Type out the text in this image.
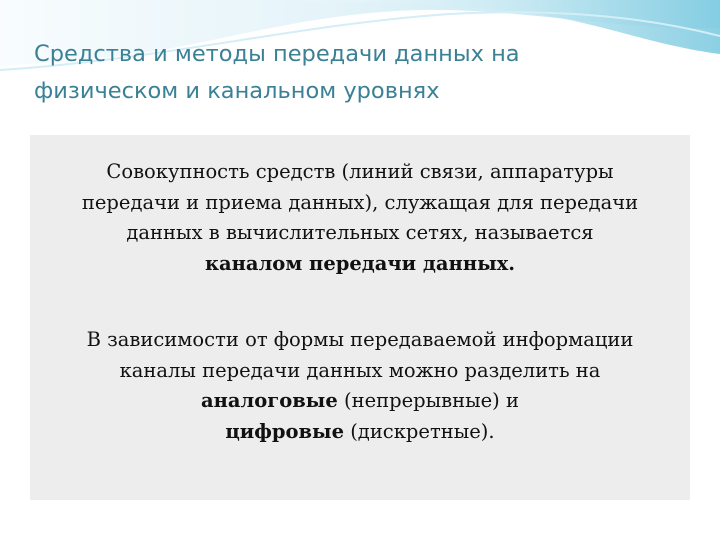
Средства и методы передачи данных на
физическом и канальном уровнях
Совокупность средств (линий связи, аппаратуры
передачи и приема данных), служащая для передачи
данных в вычислительных сетях, называется
каналом передачи данных.
В зависимости от формы передаваемой информации
каналы передачи данных можно разделить на
аналоговые (непрерывные) и
цифровые (дискретные).
